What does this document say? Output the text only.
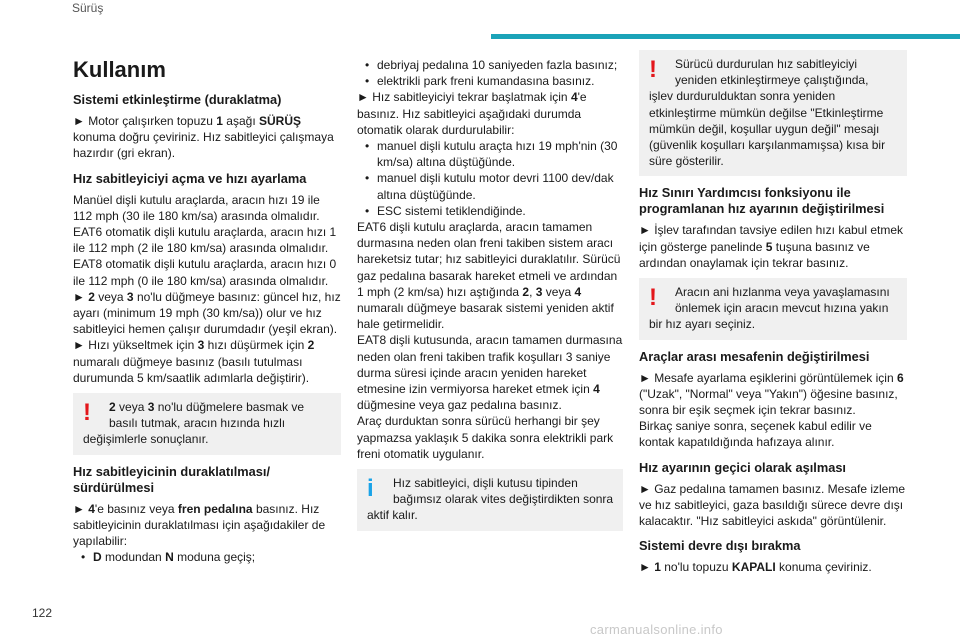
Sürüş
Kullanım
Sistemi etkinleştirme (duraklatma)
► Motor çalışırken topuzu 1 aşağı SÜRÜŞ konuma doğru çeviriniz. Hız sabitleyici çalışmaya hazırdır (gri ekran).
Hız sabitleyiciyi açma ve hızı ayarlama
Manüel dişli kutulu araçlarda, aracın hızı 19 ile 112 mph (30 ile 180 km/sa) arasında olmalıdır.
EAT6 otomatik dişli kutulu araçlarda, aracın hızı 1 ile 112 mph (2 ile 180 km/sa) arasında olmalıdır.
EAT8 otomatik dişli kutulu araçlarda, aracın hızı 0 ile 112 mph (0 ile 180 km/sa) arasında olmalıdır.
► 2 veya 3 no'lu düğmeye basınız: güncel hız, hız ayarı (minimum 19 mph (30 km/sa)) olur ve hız sabitleyici hemen çalışır durumdadır (yeşil ekran).
► Hızı yükseltmek için 3 hızı düşürmek için 2 numaralı düğmeye basınız (basılı tutulması durumunda 5 km/saatlik adımlarla değiştirir).
!	2 veya 3 no'lu düğmelere basmak ve
basılı tutmak, aracın hızında hızlı
değişimlerle sonuçlanır.
Hız sabitleyicinin duraklatılması/ sürdürülmesi
► 4'e basınız veya fren pedalına basınız. Hız sabitleyicinin duraklatılması için aşağıdakiler de yapılabilir:
• D modundan N moduna geçiş;
• debriyaj pedalına 10 saniyeden fazla basınız;
• elektrikli park freni kumandasına basınız.
► Hız sabitleyiciyi tekrar başlatmak için 4'e basınız. Hız sabitleyici aşağıdaki durumda otomatik olarak durdurulabilir:
• manuel dişli kutulu araçta hızı 19 mph'nin (30 km/sa) altına düştüğünde.
• manuel dişli kutulu motor devri 1100 dev/dak altına düştüğünde.
• ESC sistemi tetiklendiğinde.
EAT6 dişli kutulu araçlarda, aracın tamamen durmasına neden olan freni takiben sistem aracı hareketsiz tutar; hız sabitleyici duraklatılır. Sürücü gaz pedalına basarak hareket etmeli ve ardından 1 mph (2 km/sa) hızı aştığında 2, 3 veya 4 numaralı düğmeye basarak sistemi yeniden aktif hale getirmelidir.
EAT8 dişli kutusunda, aracın tamamen durmasına neden olan freni takiben trafik koşulları 3 saniye durma süresi içinde aracın yeniden hareket etmesine izin vermiyorsa hareket etmek için 4 düğmesine veya gaz pedalına basınız.
Araç durduktan sonra sürücü herhangi bir şey yapmazsa yaklaşık 5 dakika sonra elektrikli park freni otomatik uygulanır.
i	Hız sabitleyici, dişli kutusu tipinden
bağımsız olarak vites değiştirdikten sonra
aktif kalır.
!	Sürücü durdurulan hız sabitleyiciyi
yeniden etkinleştirmeye çalıştığında,
işlev durdurulduktan sonra yeniden etkinleştirme mümkün değilse "Etkinleştirme mümkün değil, koşullar uygun değil" mesajı (güvenlik koşulları karşılanmamışsa) kısa bir süre gösterilir.
Hız Sınırı Yardımcısı fonksiyonu ile programlanan hız ayarının değiştirilmesi
► İşlev tarafından tavsiye edilen hızı kabul etmek için gösterge panelinde 5 tuşuna basınız ve ardından onaylamak için tekrar basınız.
!	Aracın ani hızlanma veya yavaşlamasını
önlemek için aracın mevcut hızına yakın
bir hız ayarı seçiniz.
Araçlar arası mesafenin değiştirilmesi
► Mesafe ayarlama eşiklerini görüntülemek için 6 ("Uzak", "Normal" veya "Yakın") öğesine basınız, sonra bir eşik seçmek için tekrar basınız.
Birkaç saniye sonra, seçenek kabul edilir ve kontak kapatıldığında hafızaya alınır.
Hız ayarının geçici olarak aşılması
► Gaz pedalına tamamen basınız. Mesafe izleme ve hız sabitleyici, gaza basıldığı sürece devre dışı kalacaktır. "Hız sabitleyici askıda" görüntülenir.
Sistemi devre dışı bırakma
► 1 no'lu topuzu KAPALI konuma çeviriniz.
122
carmanualsonline.info
